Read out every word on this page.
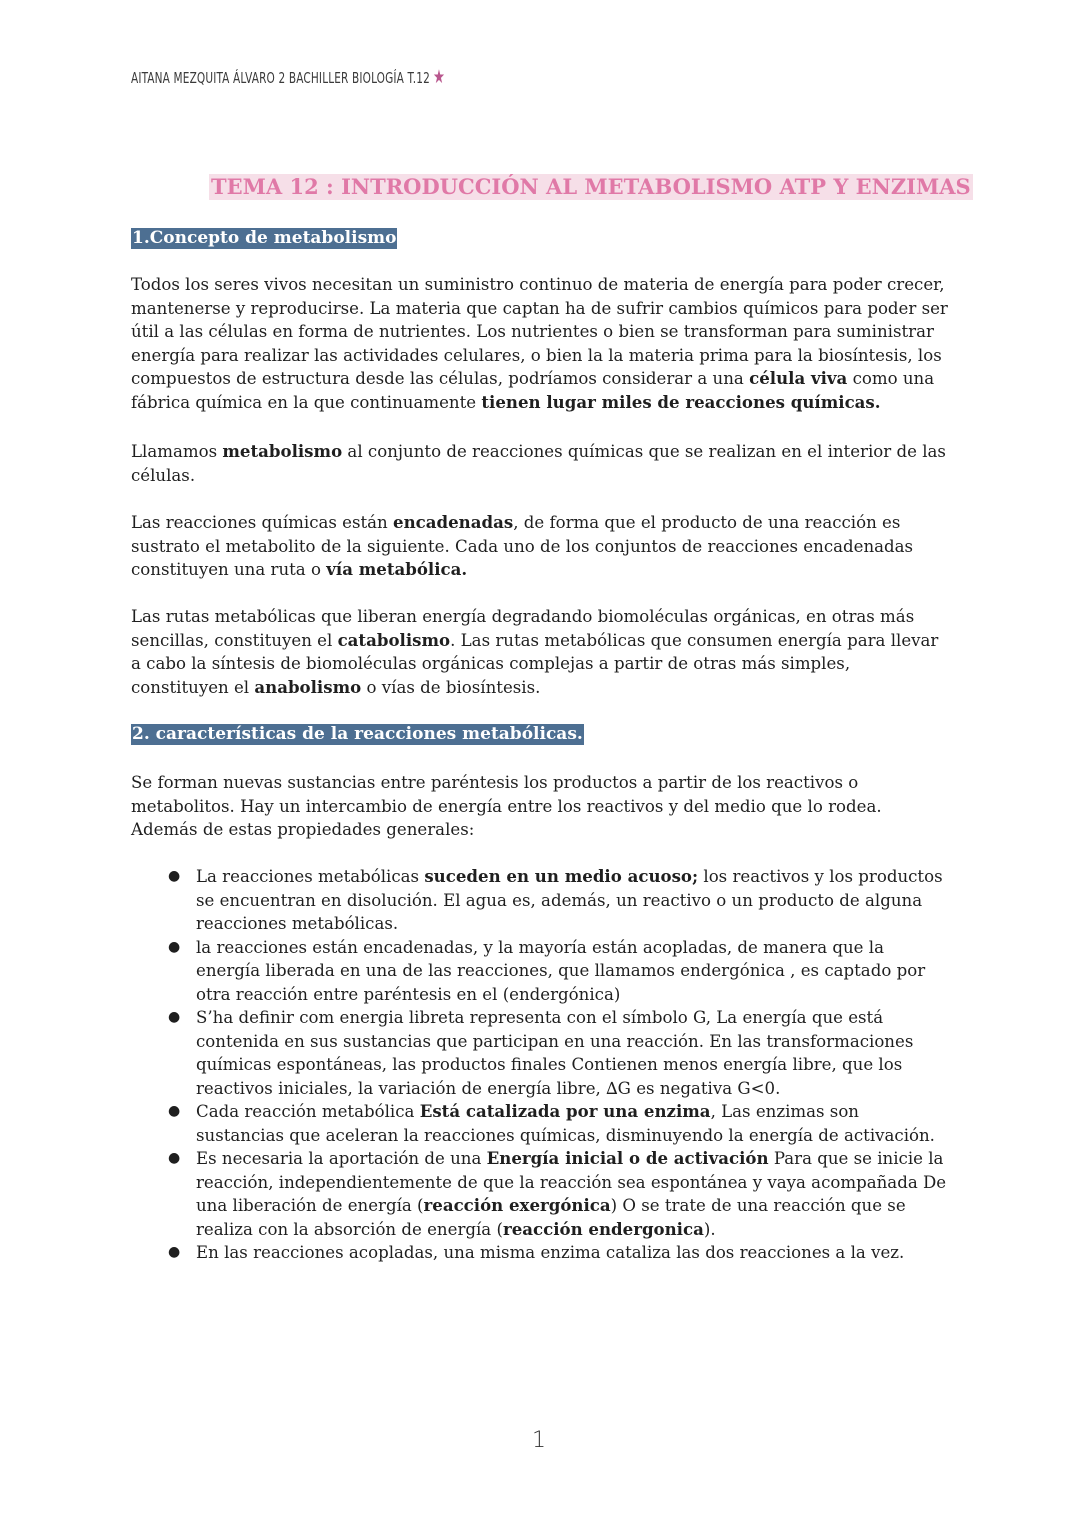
AITANA MEZQUITA ÁLVARO 2 BACHILLER BIOLOGÍA T.12 ★
TEMA 12 : INTRODUCCIÓN AL METABOLISMO ATP Y ENZIMAS
1.Concepto de metabolismo

Todos los seres vivos necesitan un suministro continuo de materia de energía para poder crecer, mantenerse y reproducirse. La materia que captan ha de sufrir cambios químicos para poder ser útil a las células en forma de nutrientes. Los nutrientes o bien se transforman para suministrar energía para realizar las actividades celulares, o bien la la materia prima para la biosíntesis, los compuestos de estructura desde las células, podríamos considerar a una célula viva como una fábrica química en la que continuamente tienen lugar miles de reacciones químicas.

Llamamos metabolismo al conjunto de reacciones químicas que se realizan en el interior de las células.

Las reacciones químicas están encadenadas, de forma que el producto de una reacción es sustrato el metabolito de la siguiente. Cada uno de los conjuntos de reacciones encadenadas constituyen una ruta o vía metabólica.

Las rutas metabólicas que liberan energía degradando biomoléculas orgánicas, en otras más sencillas, constituyen el catabolismo. Las rutas metabólicas que consumen energía para llevar a cabo la síntesis de biomoléculas orgánicas complejas a partir de otras más simples, constituyen el anabolismo o vías de biosíntesis.

2. características de la reacciones metabólicas.

Se forman nuevas sustancias entre paréntesis los productos a partir de los reactivos o metabolitos. Hay un intercambio de energía entre los reactivos y del medio que lo rodea. Además de estas propiedades generales:

● La reacciones metabólicas suceden en un medio acuoso; los reactivos y los productos se encuentran en disolución. El agua es, además, un reactivo o un producto de alguna reacciones metabólicas.
● la reacciones están encadenadas, y la mayoría están acopladas, de manera que la energía liberada en una de las reacciones, que llamamos endergónica , es captado por otra reacción entre paréntesis en el (endergónica)
● S’ha definir com energia libreta representa con el símbolo G, La energía que está contenida en sus sustancias que participan en una reacción. En las transformaciones químicas espontáneas, las productos finales Contienen menos energía libre, que los reactivos iniciales, la variación de energía libre, ∆G es negativa G<0.
● Cada reacción metabólica Está catalizada por una enzima, Las enzimas son sustancias que aceleran la reacciones químicas, disminuyendo la energía de activación.
● Es necesaria la aportación de una Energía inicial o de activación Para que se inicie la reacción, independientemente de que la reacción sea espontánea y vaya acompañada De una liberación de energía (reacción exergónica) O se trate de una reacción que se realiza con la absorción de energía (reacción endergonica).
● En las reacciones acopladas, una misma enzima cataliza las dos reacciones a la vez.
1
